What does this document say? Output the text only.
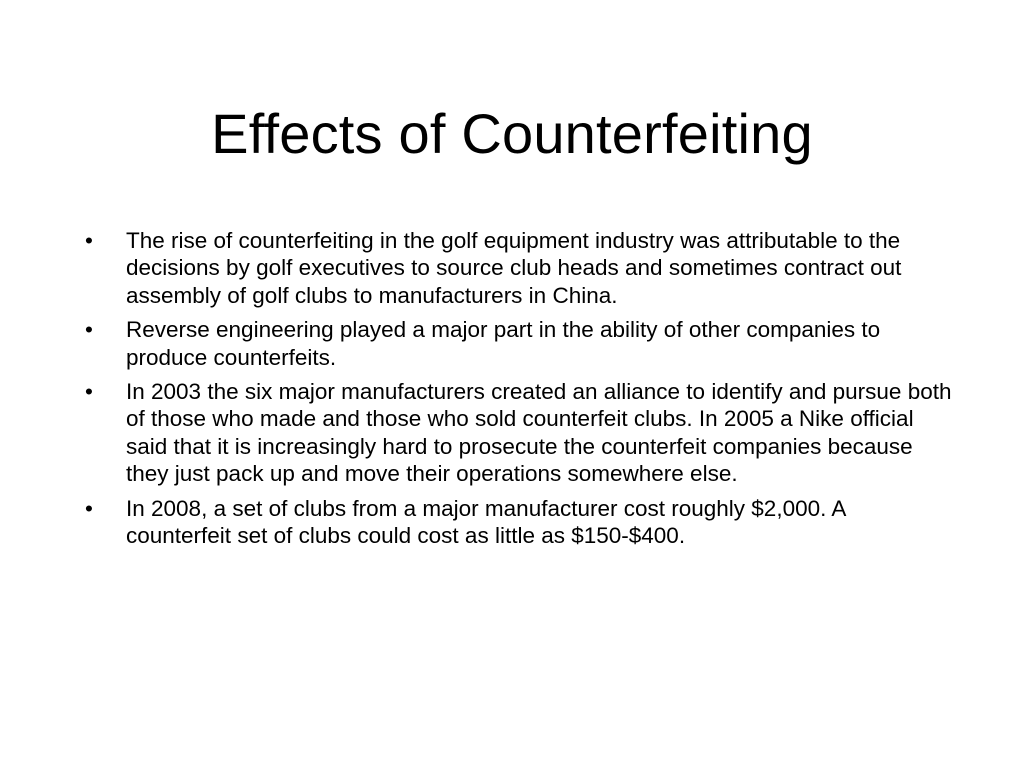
Effects of Counterfeiting
•	The rise of counterfeiting in the golf equipment industry was attributable to the decisions by golf executives to source club heads and sometimes contract out assembly of golf clubs to manufacturers in China.
•	Reverse engineering played a major part in the ability of other companies to produce counterfeits.
•	In 2003 the six major manufacturers created an alliance to identify and pursue both of those who made and those who sold counterfeit clubs. In 2005 a Nike official said that it is increasingly hard to prosecute the counterfeit companies because they just pack up and move their operations somewhere else.
•	In 2008, a set of clubs from a major manufacturer cost roughly $2,000. A counterfeit set of clubs could cost as little as $150-$400.
